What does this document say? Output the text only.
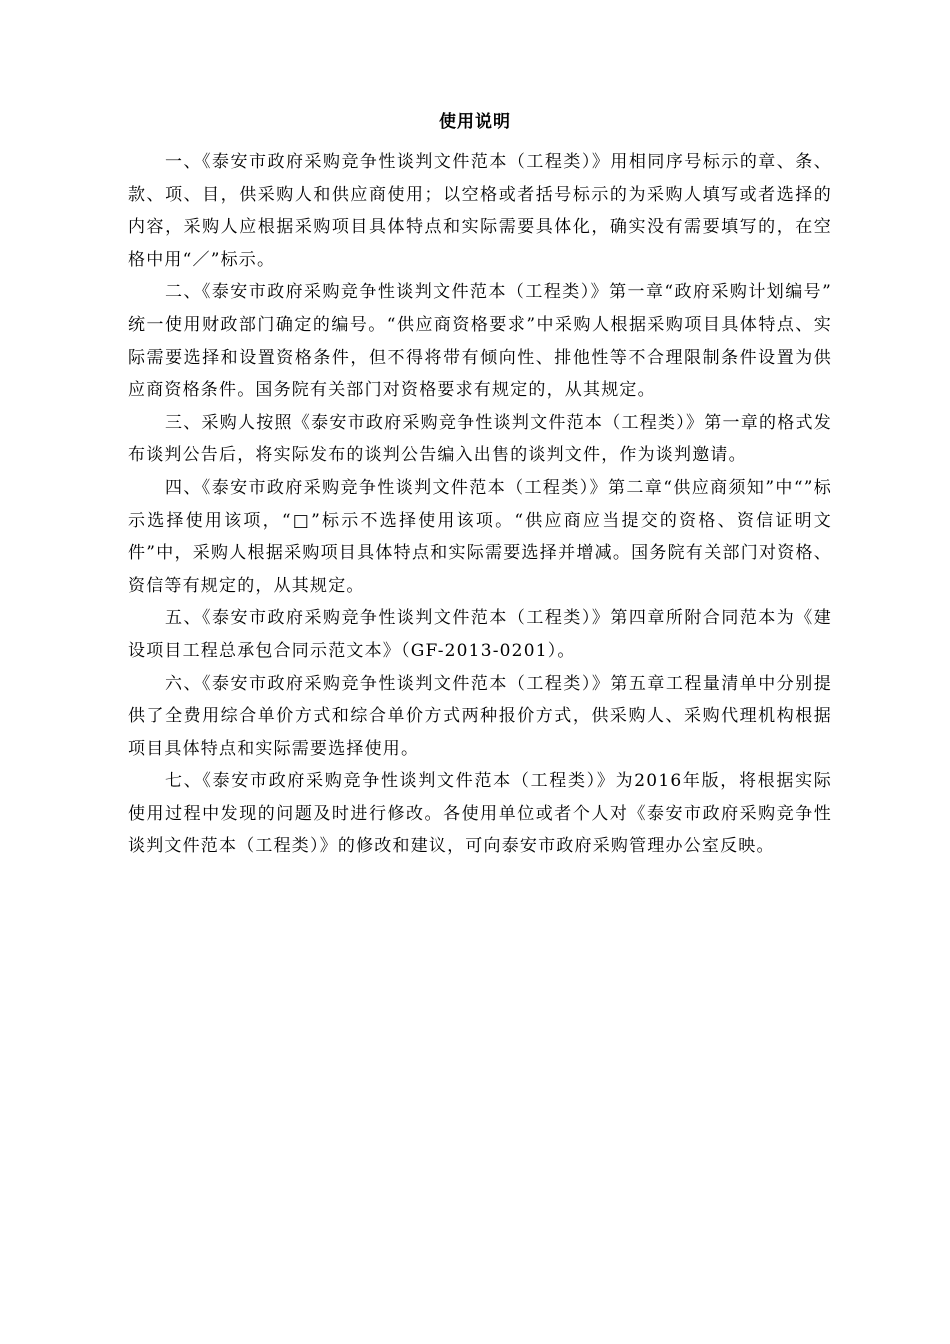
使用说明

一、《泰安市政府采购竞争性谈判文件范本（工程类）》用相同序号标示的章、条、款、项、目，供采购人和供应商使用；以空格或者括号标示的为采购人填写或者选择的内容，采购人应根据采购项目具体特点和实际需要具体化，确实没有需要填写的，在空格中用“／”标示。

二、《泰安市政府采购竞争性谈判文件范本（工程类）》第一章“政府采购计划编号” 统一使用财政部门确定的编号。“供应商资格要求”中采购人根据采购项目具体特点、实际需要选择和设置资格条件，但不得将带有倾向性、排他性等不合理限制条件设置为供应商资格条件。国务院有关部门对资格要求有规定的，从其规定。

三、采购人按照《泰安市政府采购竞争性谈判文件范本（工程类）》第一章的格式发布谈判公告后，将实际发布的谈判公告编入出售的谈判文件，作为谈判邀请。

四、《泰安市政府采购竞争性谈判文件范本（工程类）》第二章“供应商须知”中“”标示选择使用该项，“□”标示不选择使用该项。“供应商应当提交的资格、资信证明文件”中，采购人根据采购项目具体特点和实际需要选择并增减。国务院有关部门对资格、资信等有规定的，从其规定。

五、《泰安市政府采购竞争性谈判文件范本（工程类）》第四章所附合同范本为《建设项目工程总承包合同示范文本》（GF-2013-0201）。

六、《泰安市政府采购竞争性谈判文件范本（工程类）》第五章工程量清单中分别提供了全费用综合单价方式和综合单价方式两种报价方式，供采购人、采购代理机构根据项目具体特点和实际需要选择使用。

七、《泰安市政府采购竞争性谈判文件范本（工程类）》为2016年版，将根据实际使用过程中发现的问题及时进行修改。各使用单位或者个人对《泰安市政府采购竞争性谈判文件范本（工程类）》的修改和建议，可向泰安市政府采购管理办公室反映。
